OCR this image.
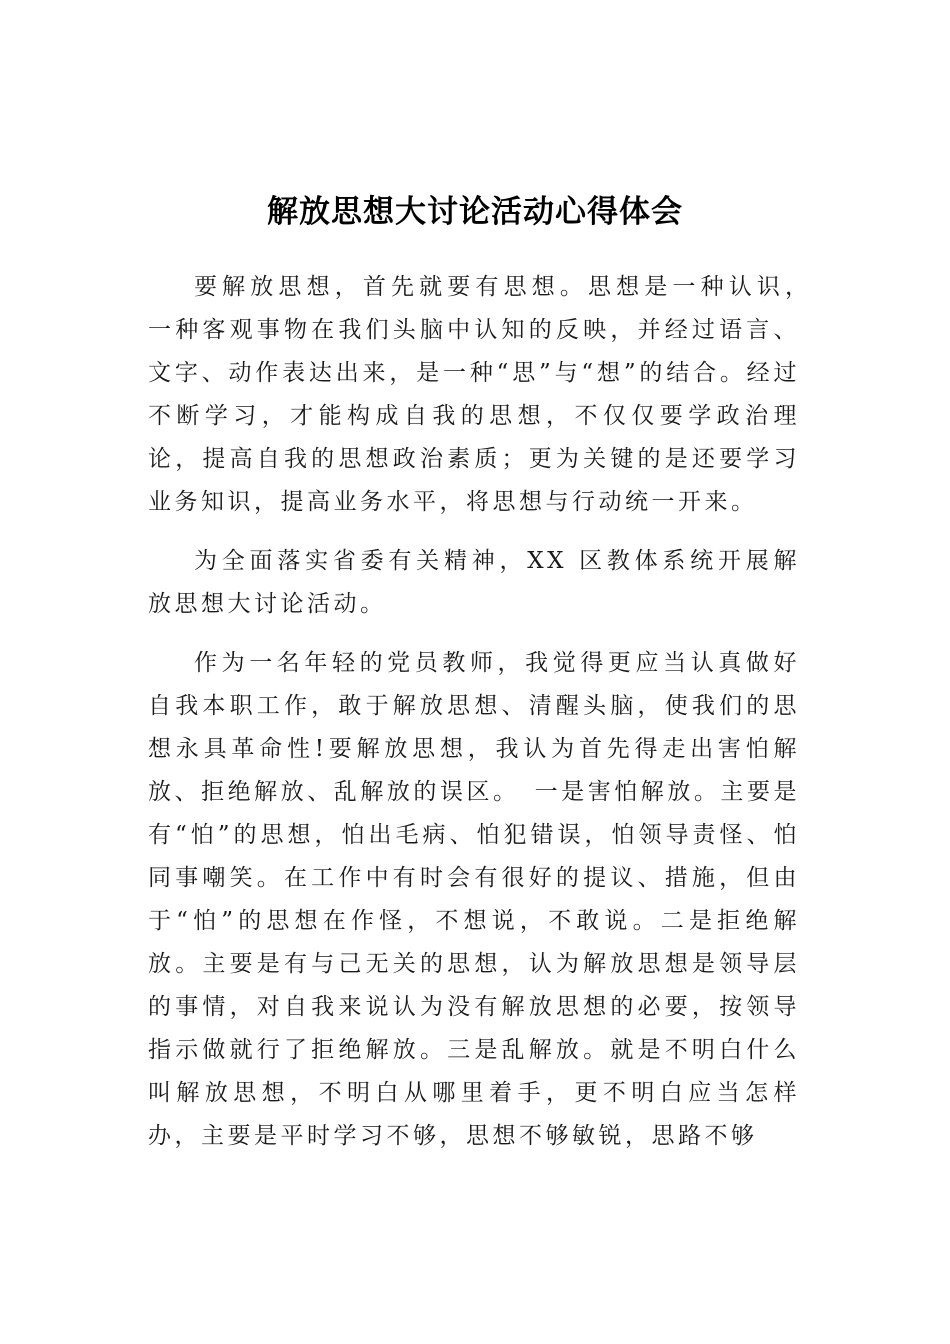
解放思想大讨论活动心得体会

要解放思想，首先就要有思想。思想是一种认识，　一种客观事物在我们头脑中认知的反映，并经过语言、文字、动作表达出来，是一种“思”与“想”的结合。经过不断学习，才能构成自我的思想，不仅仅要学政治理论，提高自我的思想政治素质；更为关键的是还要学习业务知识，提高业务水平，将思想与行动统一开来。

为全面落实省委有关精神，XX 区教体系统开展解放思想大讨论活动。

作为一名年轻的党员教师，我觉得更应当认真做好自我本职工作，敢于解放思想、清醒头脑，使我们的思想永具革命性!要解放思想，我认为首先得走出害怕解放、拒绝解放、乱解放的误区。　一是害怕解放。主要是有“怕”的思想，怕出毛病、怕犯错误，怕领导责怪、怕同事嘲笑。在工作中有时会有很好的提议、措施，但由于“怕”的思想在作怪，不想说，不敢说。二是拒绝解放。主要是有与己无关的思想，认为解放思想是领导层的事情，对自我来说认为没有解放思想的必要，按领导指示做就行了拒绝解放。三是乱解放。就是不明白什么叫解放思想，不明白从哪里着手，更不明白应当怎样办，主要是平时学习不够，思想不够敏锐，思路不够
